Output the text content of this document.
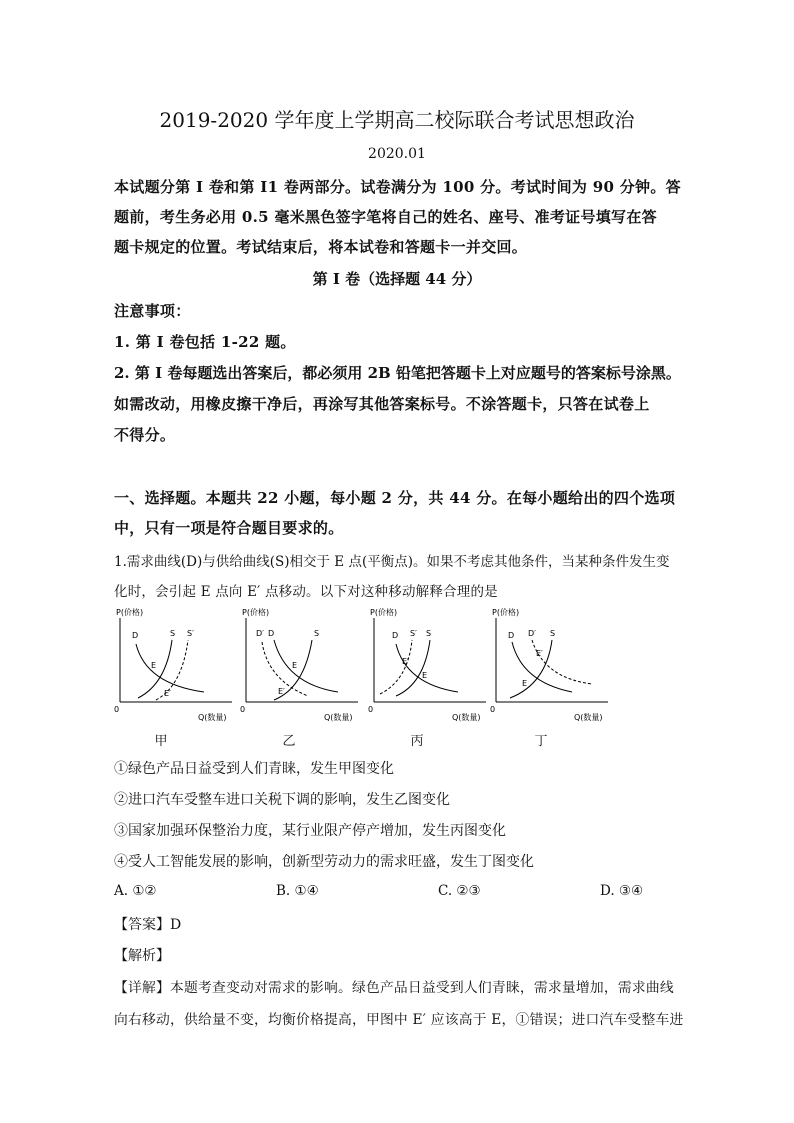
2019-2020 学年度上学期高二校际联合考试思想政治
2020.01
本试题分第 I 卷和第 I1 卷两部分。试卷满分为 100 分。考试时间为 90 分钟。答
题前，考生务必用 0.5 毫米黑色签字笔将自己的姓名、座号、准考证号填写在答
题卡规定的位置。考试结束后，将本试卷和答题卡一并交回。
第 I 卷（选择题 44 分）
注意事项：
1. 第 I 卷包括 1-22 题。
2. 第 I 卷每题选出答案后，都必须用 2B 铅笔把答题卡上对应题号的答案标号涂黑。
如需改动，用橡皮擦干净后，再涂写其他答案标号。不涂答题卡，只答在试卷上
不得分。
一、选择题。本题共 22 小题，每小题 2 分，共 44 分。在每小题给出的四个选项
中，只有一项是符合题目要求的。
1.需求曲线(D)与供给曲线(S)相交于 E 点(平衡点)。如果不考虑其他条件，当某种条件发生变
化时，会引起 E 点向 E′ 点移动。以下对这种移动解释合理的是
P(价格)
0
Q(数量)
D	S S′
E
E′
甲
P(价格)
0
Q(数量)
D′ D	S
E
E′
乙
P(价格)
0
Q(数量)
D S′ S
E′
E
丙
P(价格)
0
Q(数量)
D D′ S
E′
E
丁
①绿色产品日益受到人们青睐，发生甲图变化
②进口汽车受整车进口关税下调的影响，发生乙图变化
③国家加强环保整治力度，某行业限产停产增加，发生丙图变化
④受人工智能发展的影响，创新型劳动力的需求旺盛，发生丁图变化
A. ①②	B. ①④	C. ②③	D. ③④
【答案】D
【解析】
【详解】本题考查变动对需求的影响。绿色产品日益受到人们青睐，需求量增加，需求曲线
向右移动，供给量不变，均衡价格提高，甲图中 E′ 应该高于 E，①错误；进口汽车受整车进
